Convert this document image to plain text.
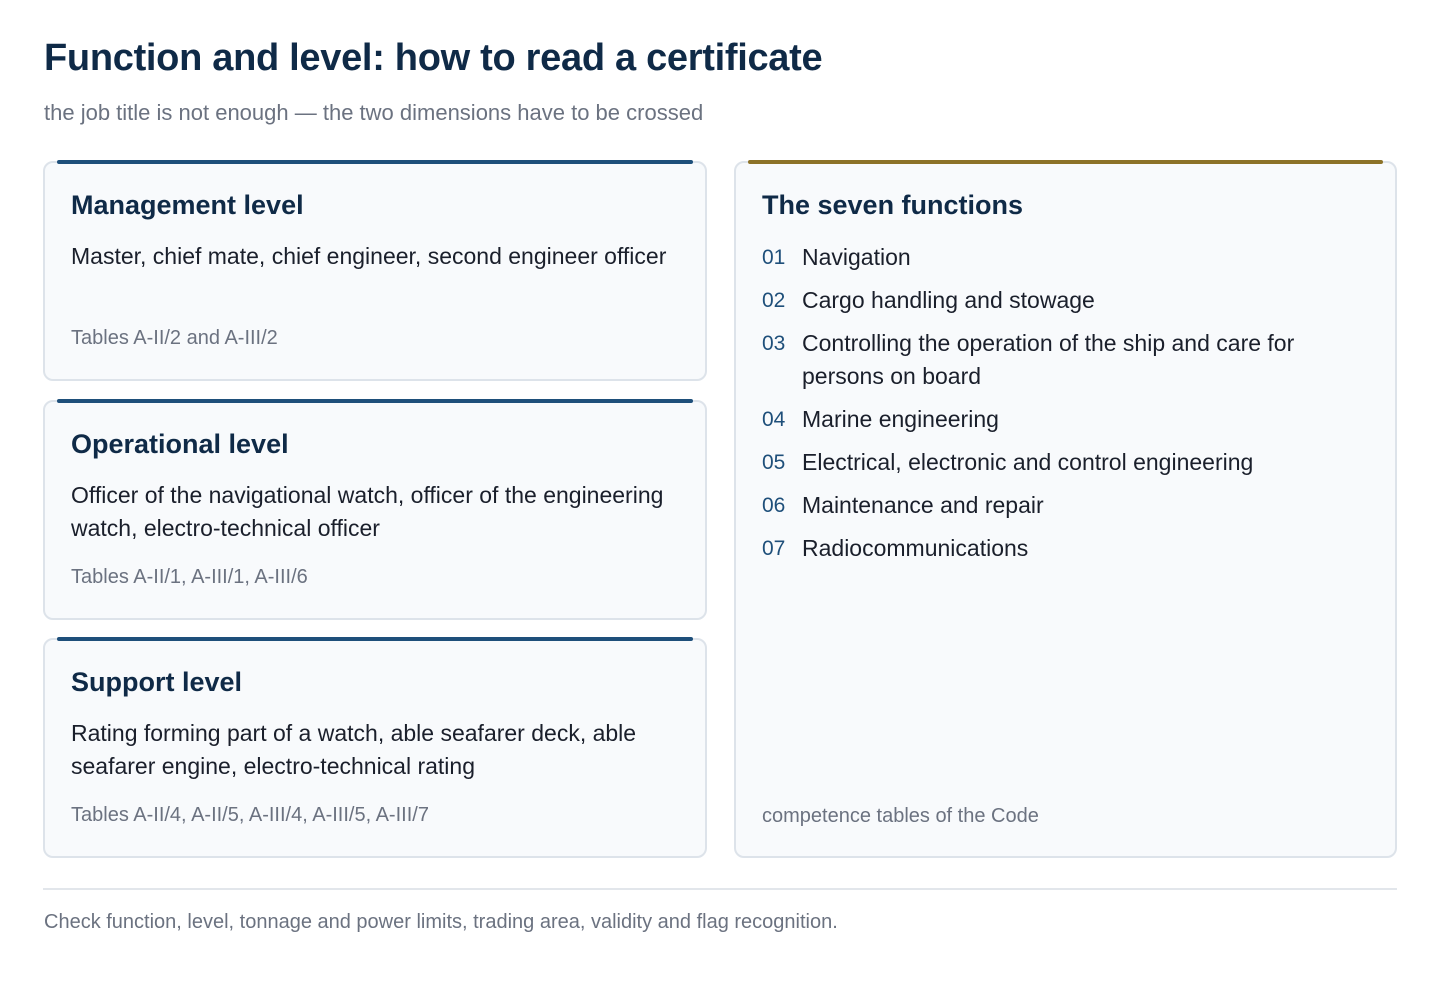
Function and level: how to read a certificate

the job title is not enough — the two dimensions have to be crossed

Management level

Master, chief mate, chief engineer, second engineer officer

Tables A-II/2 and A-III/2

Operational level

Officer of the navigational watch, officer of the engineering watch, electro-technical officer

Tables A-II/1, A-III/1, A-III/6

Support level

Rating forming part of a watch, able seafarer deck, able seafarer engine, electro-technical rating

Tables A-II/4, A-II/5, A-III/4, A-III/5, A-III/7

The seven functions
01 Navigation
02 Cargo handling and stowage
03 Controlling the operation of the ship and care for persons on board
04 Marine engineering
05 Electrical, electronic and control engineering
06 Maintenance and repair
07 Radiocommunications

competence tables of the Code

Check function, level, tonnage and power limits, trading area, validity and flag recognition.
